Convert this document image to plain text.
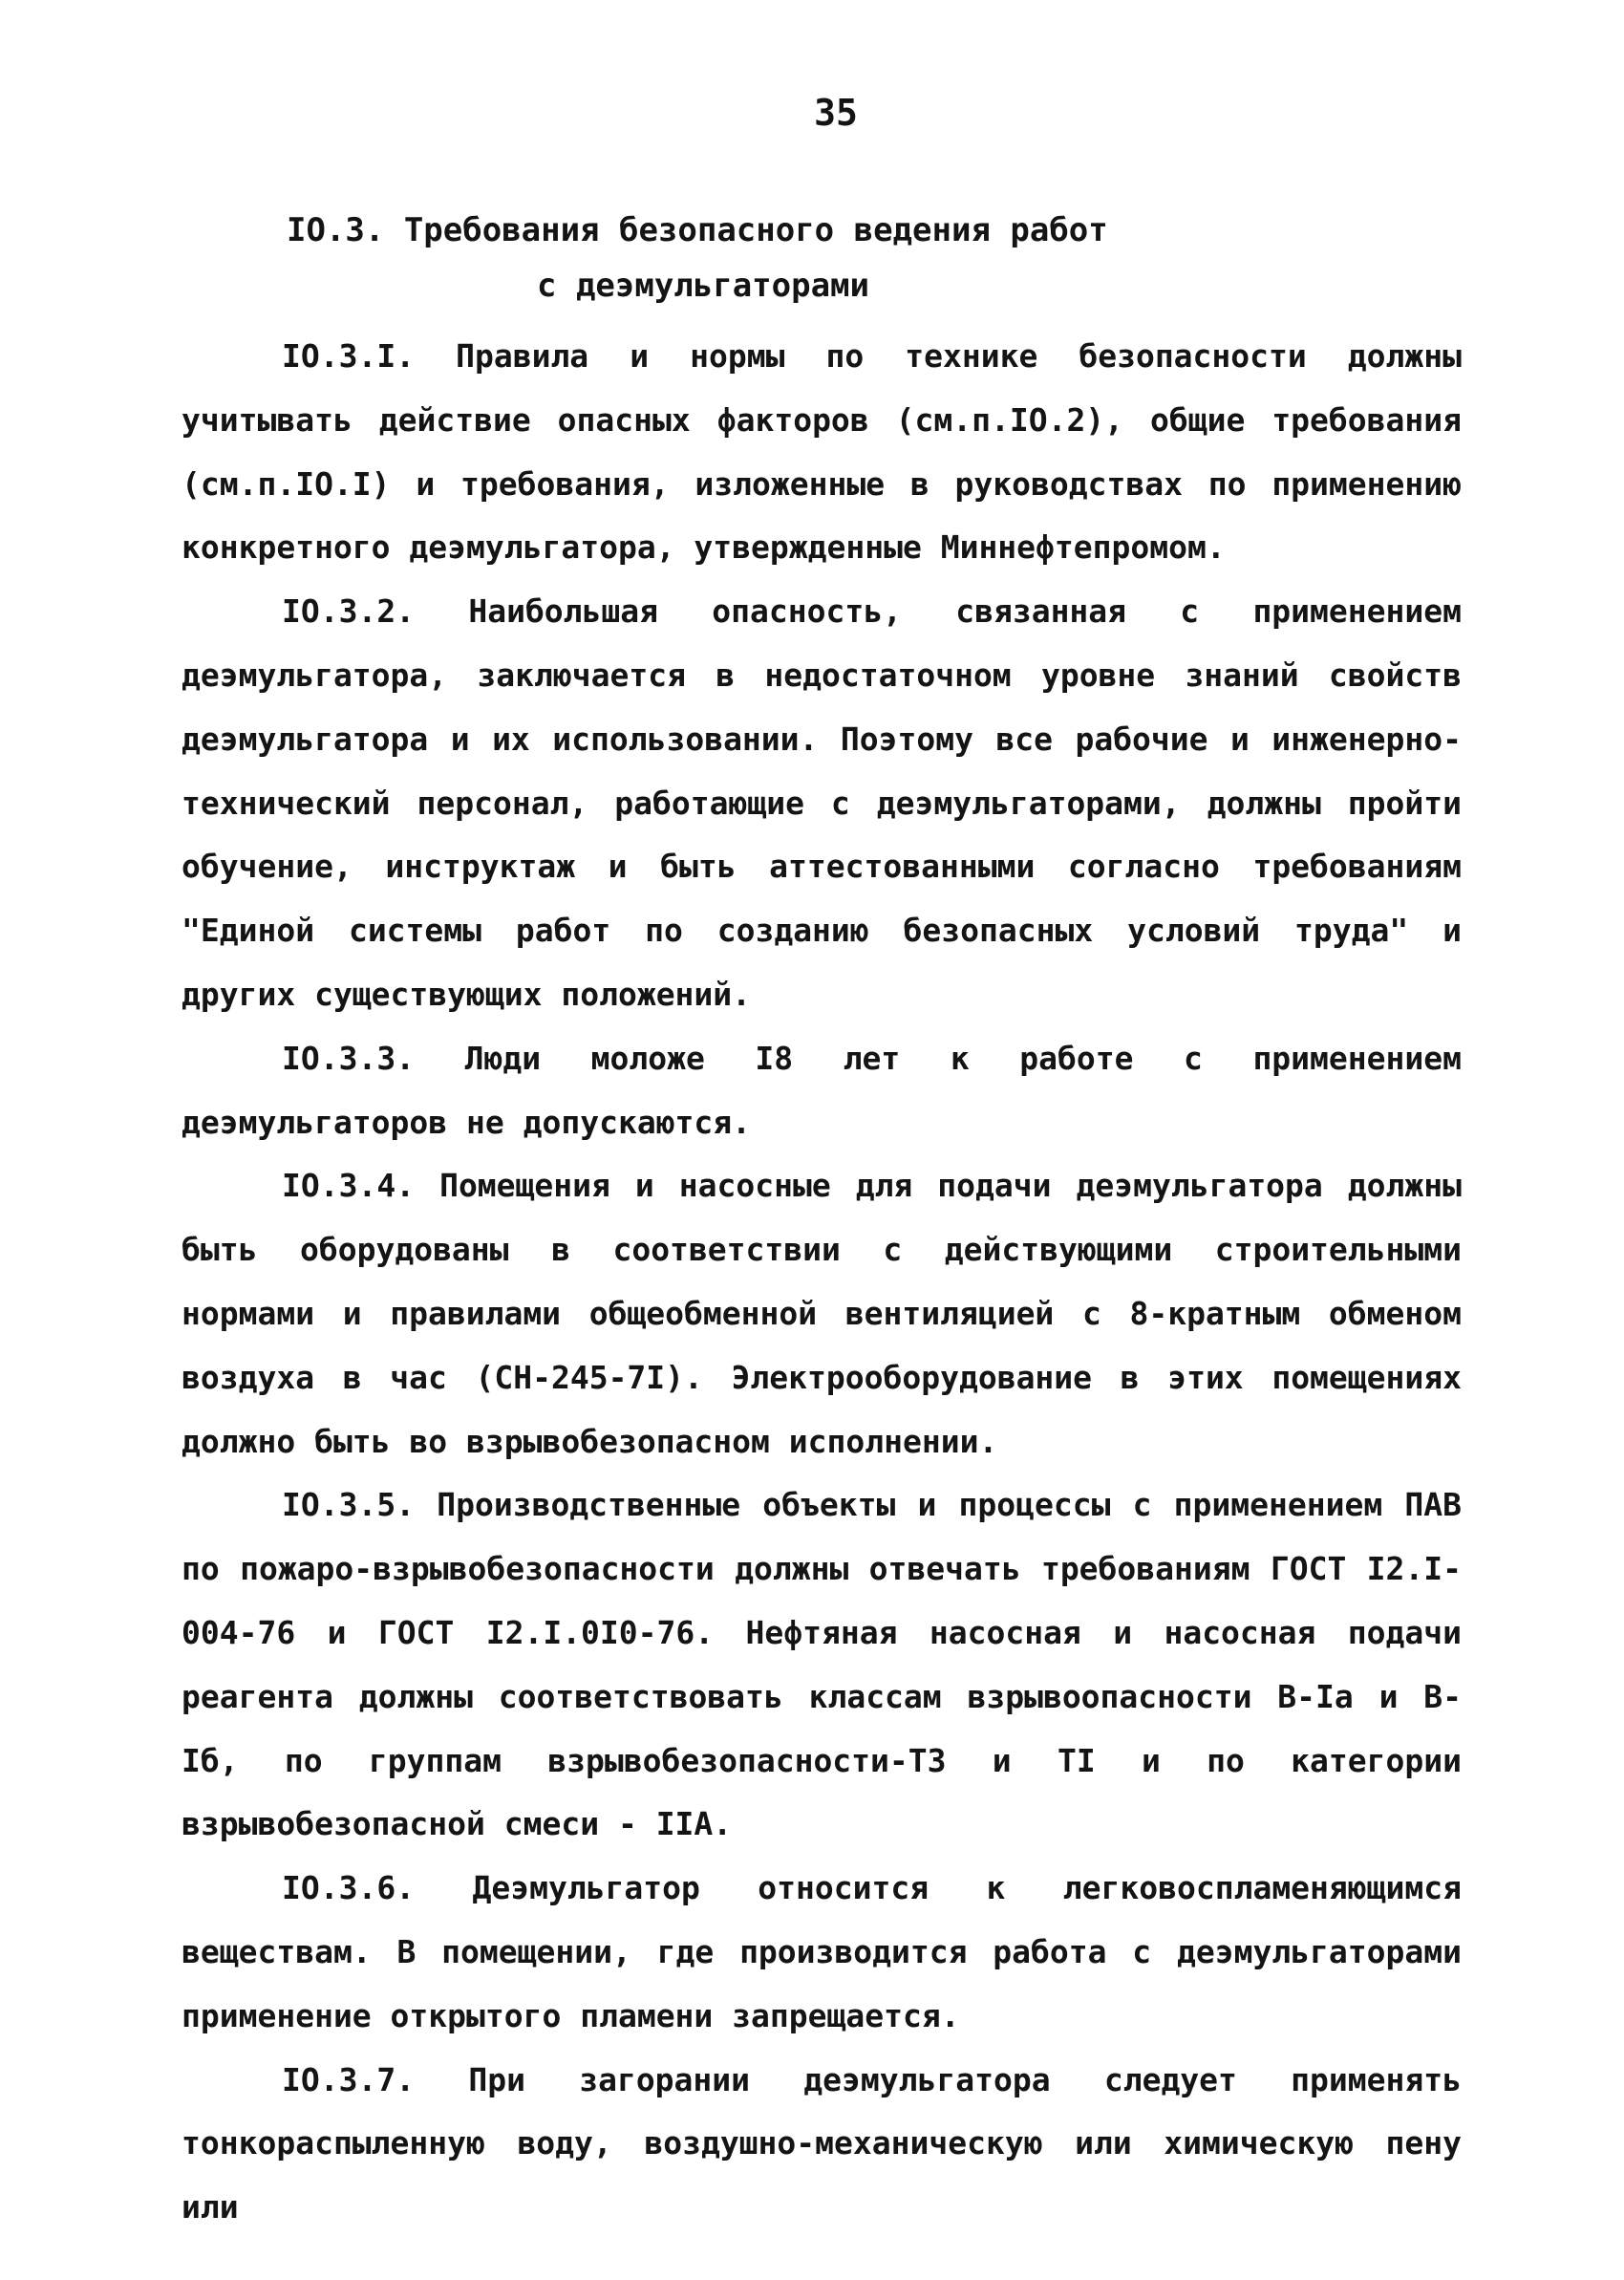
35
IO.3. Требования безопасного ведения работ
с деэмульгаторами

IO.3.I. Правила и нормы по технике безопасности должны учитывать действие опасных факторов (см.п.IO.2), общие требования (см.п.IO.I) и требования, изложенные в руководствах по применению конкретного деэмульгатора, утвержденные Миннефтепромом.

IO.3.2. Наибольшая опасность, связанная с применением деэмульгатора, заключается в недостаточном уровне знаний свойств деэмульгатора и их использовании. Поэтому все рабочие и инженерно-технический персонал, работающие с деэмульгаторами, должны пройти обучение, инструктаж и быть аттестованными согласно требованиям "Единой системы работ по созданию безопасных условий труда" и других существующих положений.

IO.3.3. Люди моложе I8 лет к работе с применением деэмульгаторов не допускаются.

IO.3.4. Помещения и насосные для подачи деэмульгатора должны быть оборудованы в соответствии с действующими строительными нормами и правилами общеобменной вентиляцией с 8-кратным обменом воздуха в час (СН-245-7I). Электрооборудование в этих помещениях должно быть во взрывобезопасном исполнении.

IO.3.5. Производственные объекты и процессы с применением ПАВ по пожаро-взрывобезопасности должны отвечать требованиям ГОСТ I2.I-004-76 и ГОСТ I2.I.0I0-76. Нефтяная насосная и насосная подачи реагента должны соответствовать классам взрывоопасности В-Iа и В-Iб, по группам взрывобезопасности-Т3 и ТI и по категории взрывобезопасной смеси - IIА.

IO.3.6. Деэмульгатор относится к легковоспламеняющимся веществам. В помещении, где производится работа с деэмульгаторами применение открытого пламени запрещается.

IO.3.7. При загорании деэмульгатора следует применять тонкораспыленную воду, воздушно-механическую или химическую пену или
